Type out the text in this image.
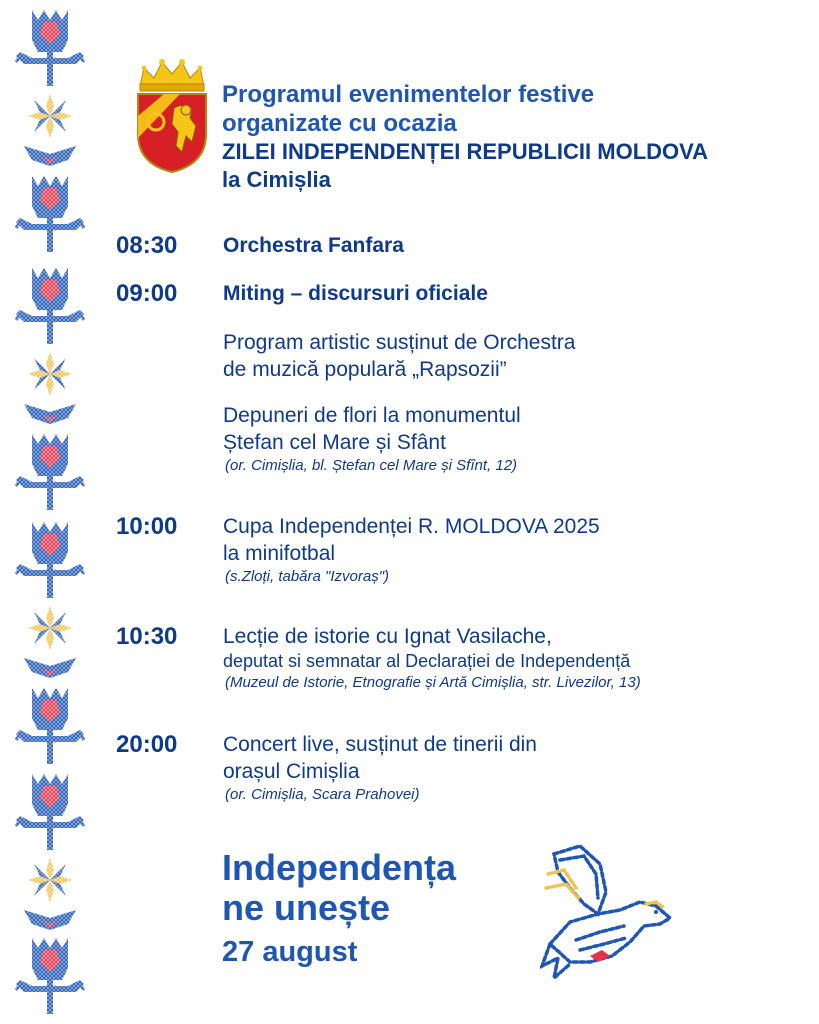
Programul evenimentelor festive
organizate cu ocazia
ZILEI INDEPENDENȚEI REPUBLICII MOLDOVA
la Cimișlia
08:30 Orchestra Fanfara
09:00 Miting – discursuri oficiale
Program artistic susținut de Orchestra
de muzică populară „Rapsozii”
Depuneri de flori la monumentul
Ștefan cel Mare și Sfânt
(or. Cimișlia, bl. Ștefan cel Mare și Sfînt, 12)
10:00 Cupa Independenței R. MOLDOVA 2025
la minifotbal
(s.Zloți, tabăra "Izvoraș")
10:30 Lecție de istorie cu Ignat Vasilache,
deputat si semnatar al Declarației de Independență
(Muzeul de Istorie, Etnografie și Artă Cimișlia, str. Livezilor, 13)
20:00 Concert live, susținut de tinerii din
orașul Cimișlia
(or. Cimișlia, Scara Prahovei)
Independența
ne unește
27 august
